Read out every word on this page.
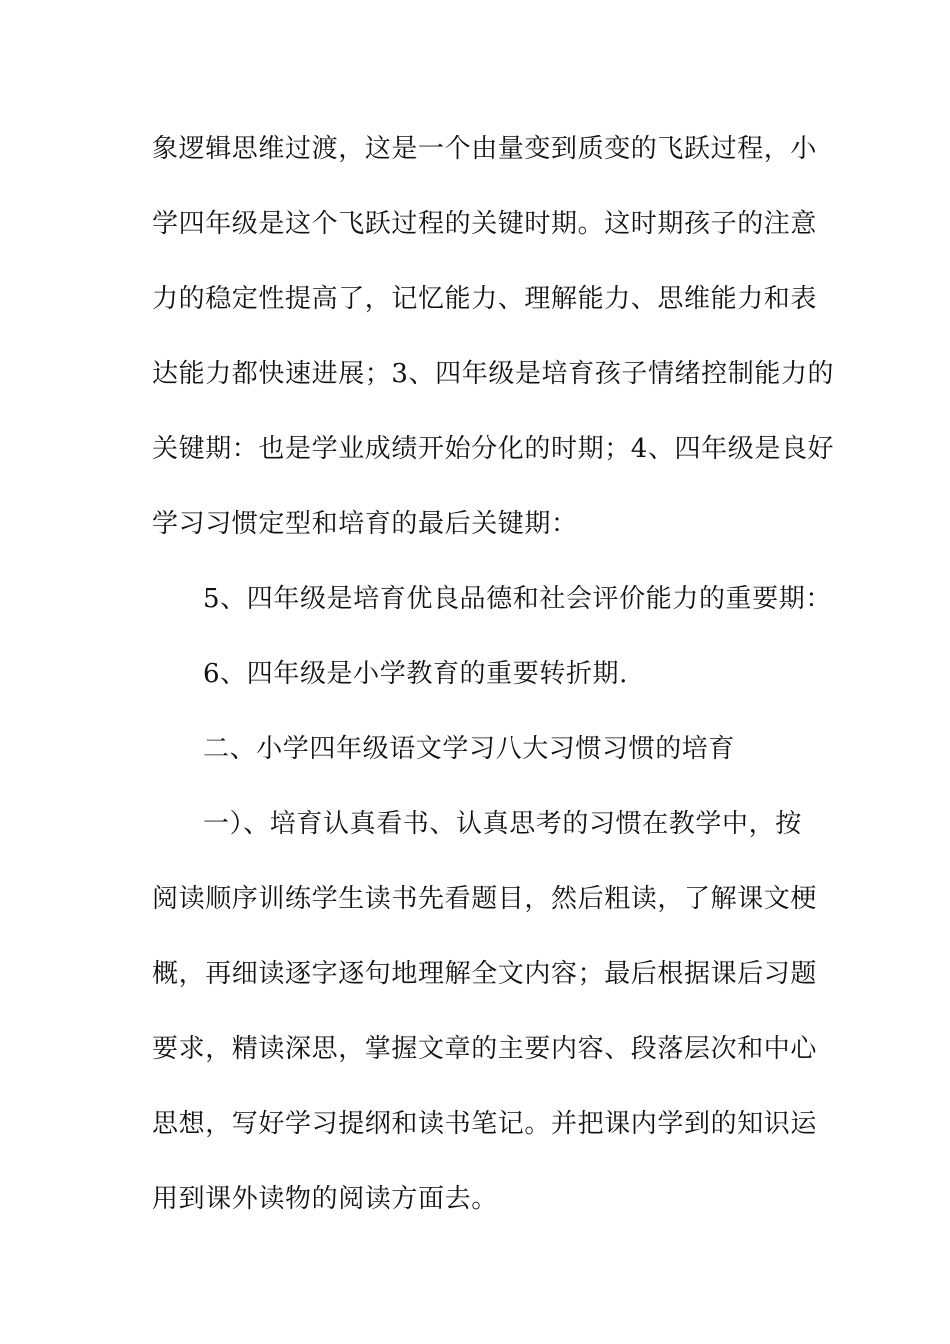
象逻辑思维过渡，这是一个由量变到质变的飞跃过程，小
学四年级是这个飞跃过程的关键时期。这时期孩子的注意
力的稳定性提高了，记忆能力、理解能力、思维能力和表
达能力都快速进展；3、四年级是培育孩子情绪控制能力的
关键期：也是学业成绩开始分化的时期；4、四年级是良好
学习习惯定型和培育的最后关键期：
5、四年级是培育优良品德和社会评价能力的重要期：
6、四年级是小学教育的重要转折期.
二、小学四年级语文学习八大习惯习惯的培育
一）、培育认真看书、认真思考的习惯在教学中，按
阅读顺序训练学生读书先看题目，然后粗读，了解课文梗
概，再细读逐字逐句地理解全文内容；最后根据课后习题
要求，精读深思，掌握文章的主要内容、段落层次和中心
思想，写好学习提纲和读书笔记。并把课内学到的知识运
用到课外读物的阅读方面去。
